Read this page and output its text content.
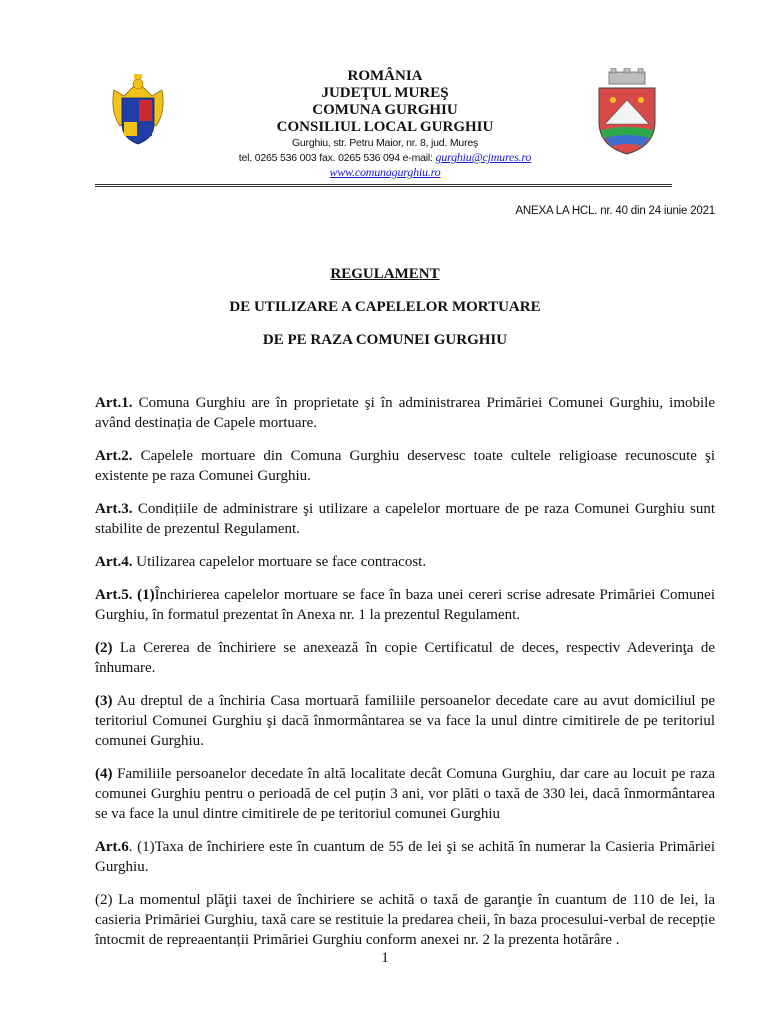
ROMÂNIA
JUDEŢUL MUREŞ
COMUNA GURGHIU
CONSILIUL LOCAL GURGHIU
Gurghiu, str. Petru Maior, nr. 8, jud. Mureş
tel. 0265 536 003 fax. 0265 536 094 e-mail: gurghiu@cjmures.ro
www.comunagurghiu.ro
ANEXA LA HCL. nr. 40 din 24 iunie 2021
REGULAMENT
DE UTILIZARE A CAPELELOR MORTUARE
DE PE RAZA COMUNEI GURGHIU

Art.1. Comuna Gurghiu are în proprietate şi în administrarea Primăriei Comunei Gurghiu, imobile având destinația de Capele mortuare.

Art.2. Capelele mortuare din Comuna Gurghiu deservesc toate cultele religioase recunoscute şi existente pe raza Comunei Gurghiu.

Art.3. Condițiile de administrare şi utilizare a capelelor mortuare de pe raza Comunei Gurghiu sunt stabilite de prezentul Regulament.

Art.4. Utilizarea capelelor mortuare se face contracost.

Art.5. (1)Închirierea capelelor mortuare se face în baza unei cereri scrise adresate Primăriei Comunei Gurghiu, în formatul prezentat în Anexa nr. 1 la prezentul Regulament.

(2) La Cererea de închiriere se anexează în copie Certificatul de deces, respectiv Adeverinţa de înhumare.

(3) Au dreptul de a închiria Casa mortuară familiile persoanelor decedate care au avut domiciliul pe teritoriul Comunei Gurghiu şi dacă înmormântarea se va face la unul dintre cimitirele de pe teritoriul comunei Gurghiu.

(4) Familiile persoanelor decedate în altă localitate decât Comuna Gurghiu, dar care au locuit pe raza comunei Gurghiu pentru o perioadă de cel puțin 3 ani, vor plăti o taxă de 330 lei, dacă înmormântarea se va face la unul dintre cimitirele de pe teritoriul comunei Gurghiu

Art.6. (1)Taxa de închiriere este în cuantum de 55 de lei şi se achită în numerar la Casieria Primăriei Gurghiu.

(2) La momentul plăţii taxei de închiriere se achită o taxă de garanţie în cuantum de 110 de lei, la casieria Primăriei Gurghiu, taxă care se restituie la predarea cheii, în baza procesului-verbal de recepție întocmit de repreaentanții Primăriei Gurghiu conform anexei nr. 2 la prezenta hotărâre .

1
